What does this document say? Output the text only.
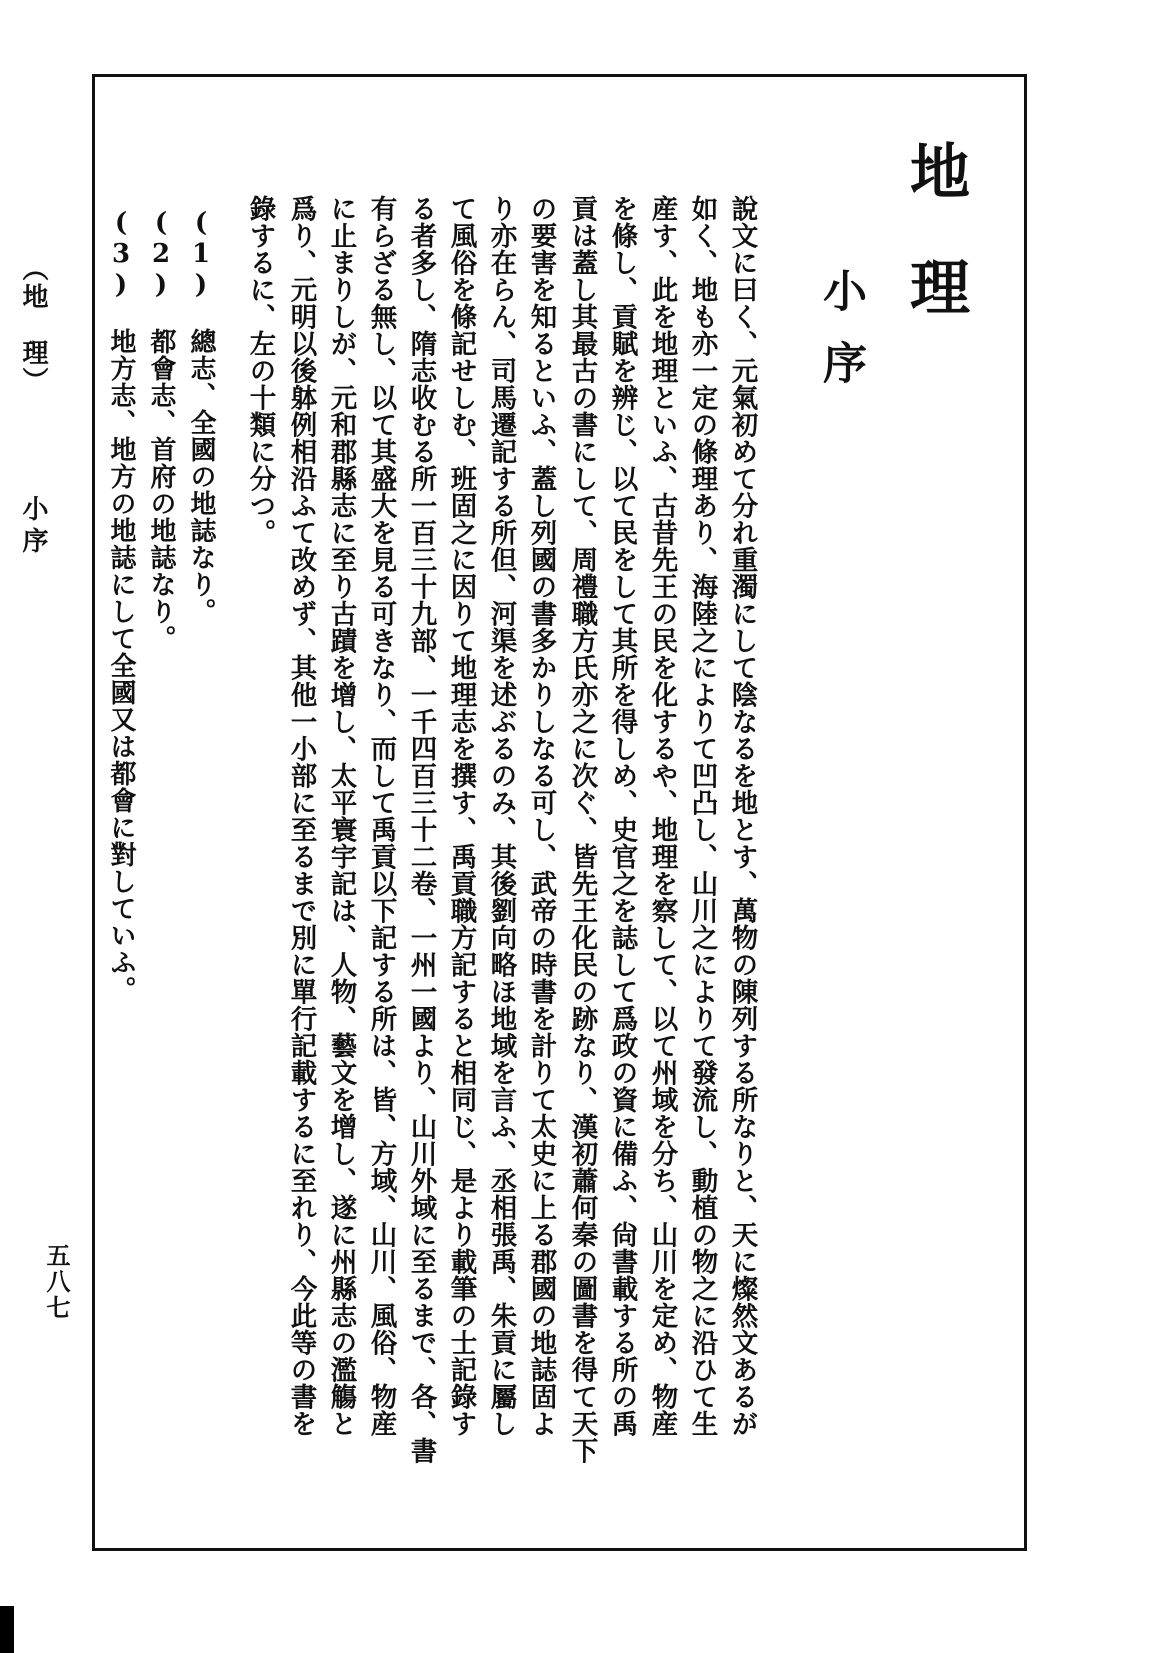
地理
小序
說文に曰く、元氣初めて分れ重濁にして陰なるを地とす、萬物の陳列する所なりと、天に燦然文あるが
如く、地も亦一定の條理あり、海陸之によりて凹凸し、山川之によりて發流し、動植の物之に沿ひて生
産す、此を地理といふ、古昔先王の民を化するや、地理を察して、以て州域を分ち、山川を定め、物産
を條し、貢賦を辨じ、以て民をして其所を得しめ、史官之を誌して爲政の資に備ふ、尙書載する所の禹
貢は蓋し其最古の書にして、周禮職方氏亦之に次ぐ、皆先王化民の跡なり、漢初蕭何秦の圖書を得て天下
の要害を知るといふ、蓋し列國の書多かりしなる可し、武帝の時書を計りて太史に上る郡國の地誌固よ
り亦在らん、司馬遷記する所但、河渠を述ぶるのみ、其後劉向略ほ地域を言ふ、丞相張禹、朱貢に屬し
て風俗を條記せしむ、班固之に因りて地理志を撰す、禹貢職方記すると相同じ、是より載筆の士記錄す
る者多し、隋志收むる所一百三十九部、一千四百三十二卷、一州一國より、山川外域に至るまで、各、書
有らざる無し、以て其盛大を見る可きなり、而して禹貢以下記する所は、皆、方域、山川、風俗、物産
に止まりしが、元和郡縣志に至り古蹟を增し、太平寰宇記は、人物、藝文を增し、遂に州縣志の濫觴と
爲り、元明以後躰例相沿ふて改めず、其他一小部に至るまで別に單行記載するに至れり、今此等の書を
錄するに、左の十類に分つ。
(1)　總志、全國の地誌なり。
(2)　都會志、首府の地誌なり。
(3)　地方志、地方の地誌にして全國又は都會に對していふ。
（地　理） 小序
五八七
